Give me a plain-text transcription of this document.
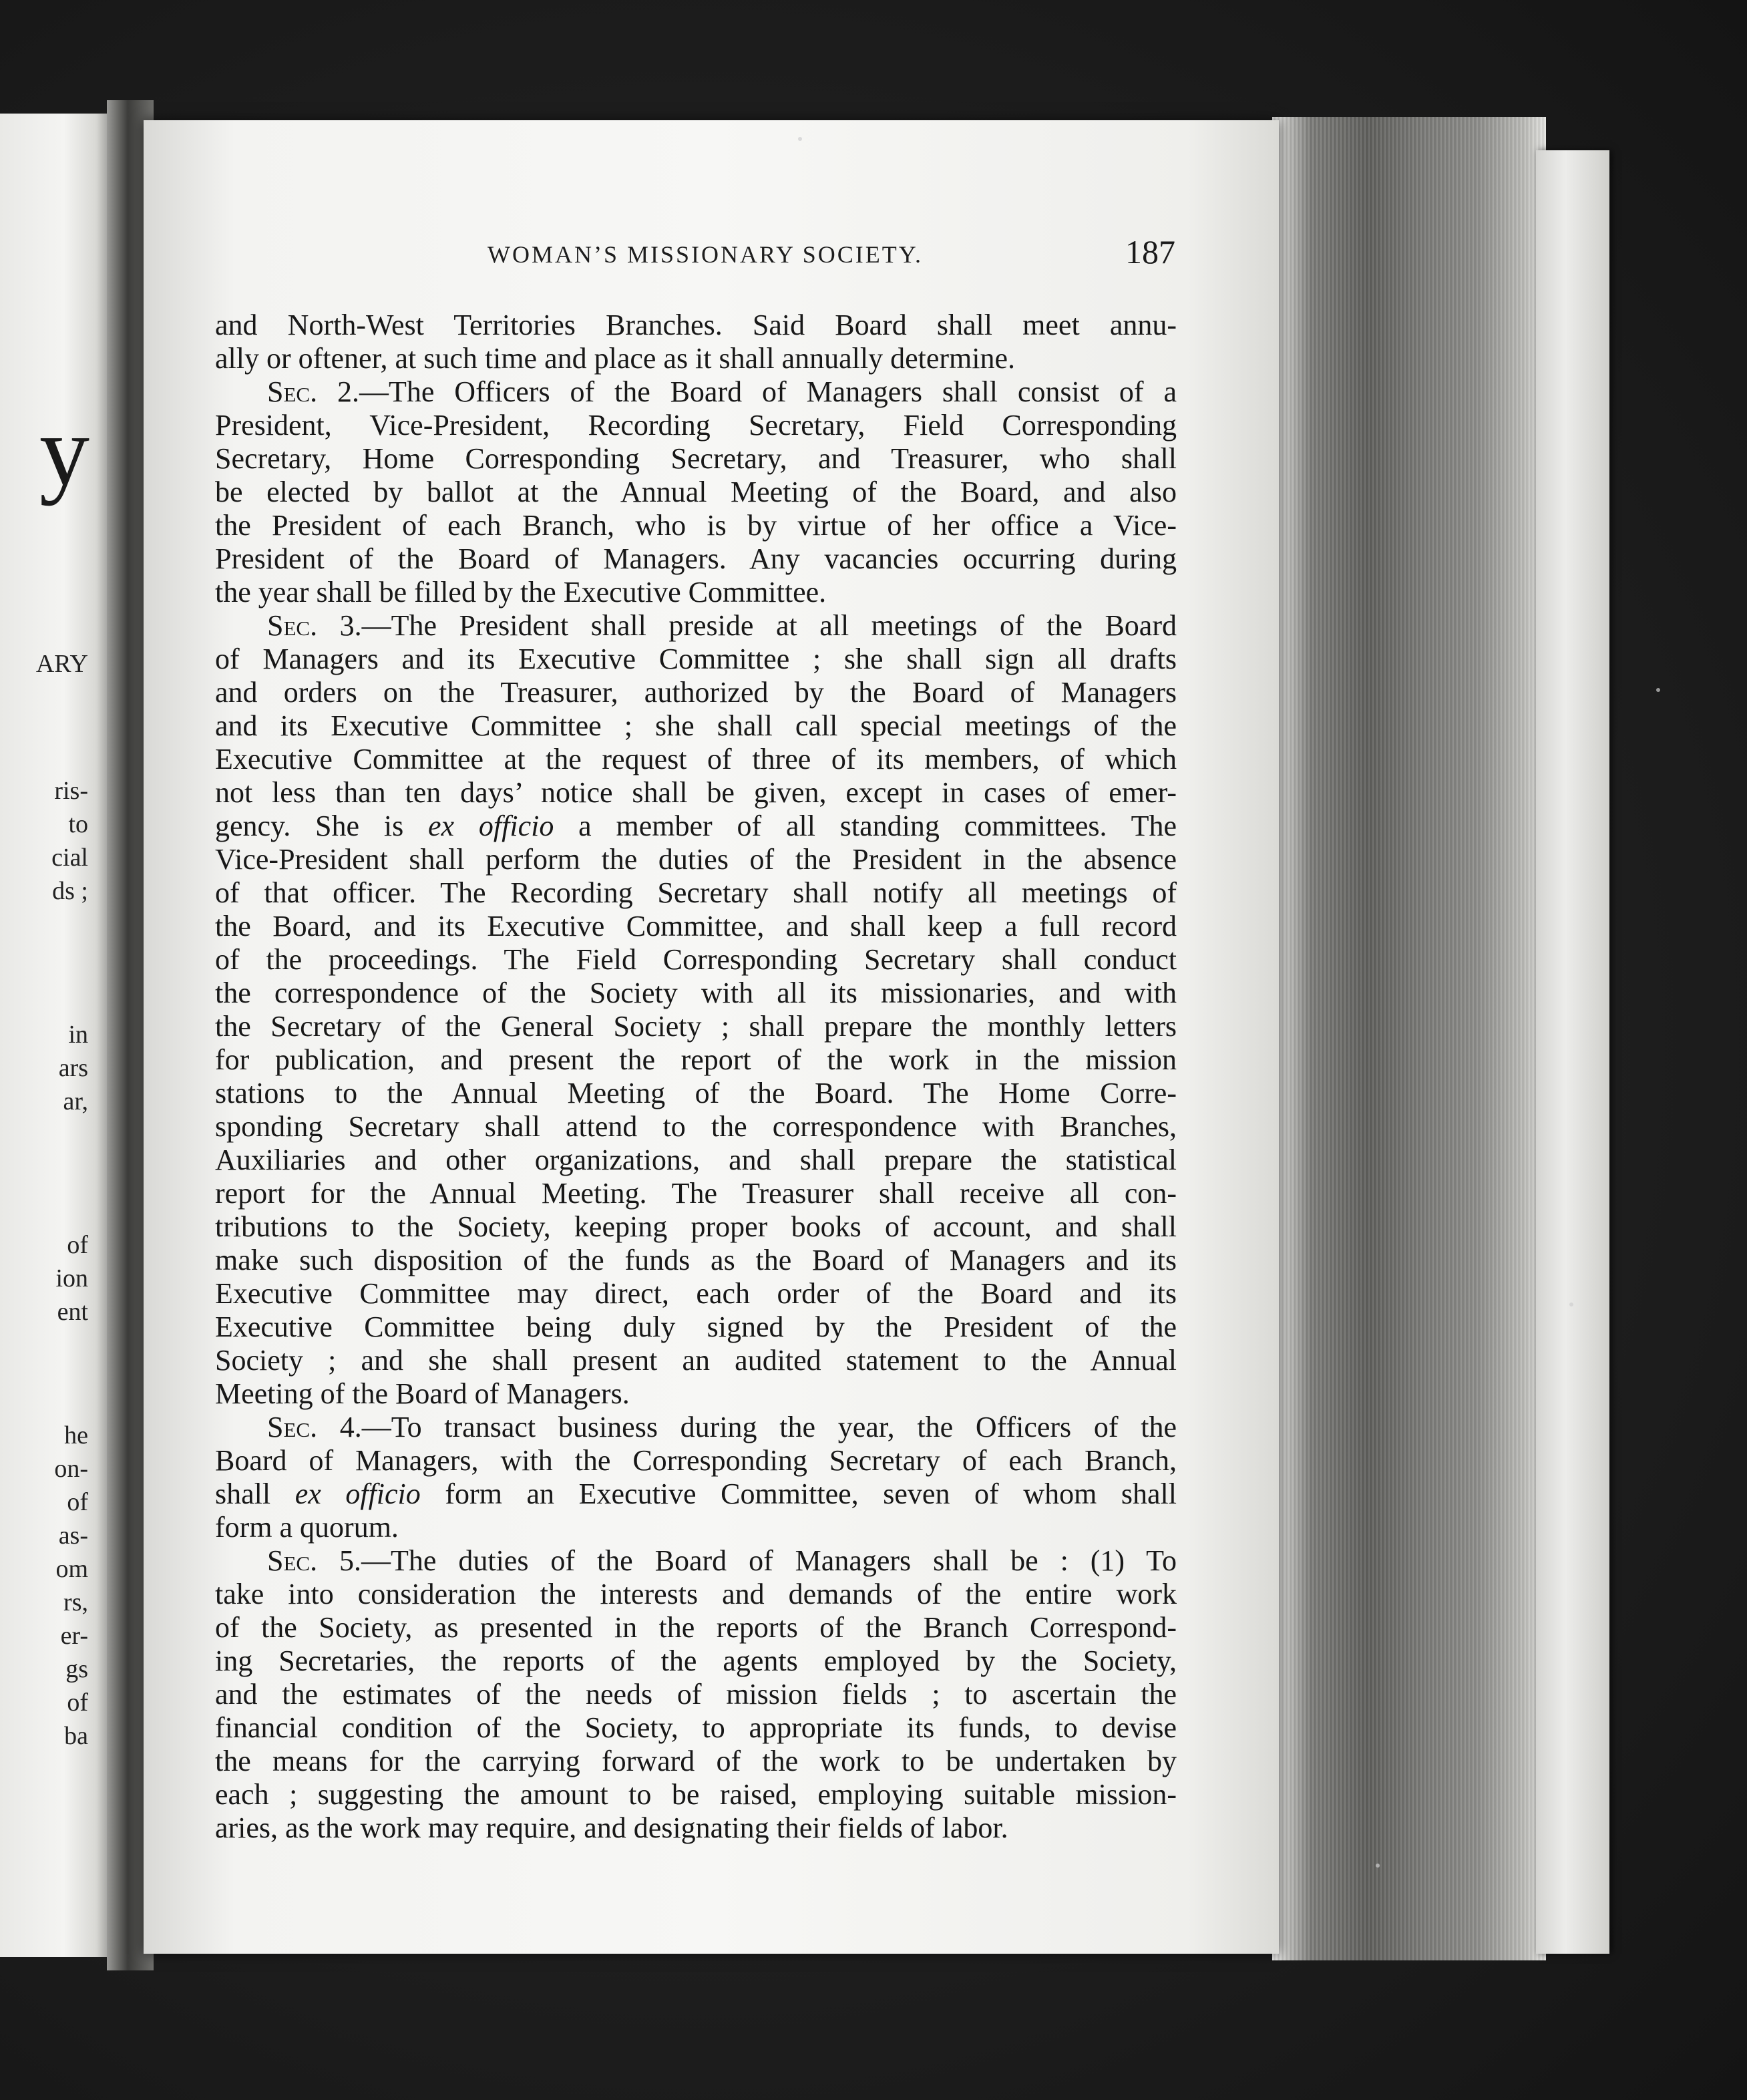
y
ARY
ris-
to
cial
ds ;
in
ars
ar,
of
ion
ent
he
on-
of
as-
om
rs,
er-
gs
of
ba
WOMAN’S MISSIONARY SOCIETY.	187
and North-West Territories Branches. Said Board shall meet annu-
ally or oftener, at such time and place as it shall annually determine.
Sec. 2.—The Officers of the Board of Managers shall consist of a
President, Vice-President, Recording Secretary, Field Corresponding
Secretary, Home Corresponding Secretary, and Treasurer, who shall
be elected by ballot at the Annual Meeting of the Board, and also
the President of each Branch, who is by virtue of her office a Vice-
President of the Board of Managers. Any vacancies occurring during
the year shall be filled by the Executive Committee.
Sec. 3.—The President shall preside at all meetings of the Board
of Managers and its Executive Committee ; she shall sign all drafts
and orders on the Treasurer, authorized by the Board of Managers
and its Executive Committee ; she shall call special meetings of the
Executive Committee at the request of three of its members, of which
not less than ten days’ notice shall be given, except in cases of emer-
gency. She is ex officio a member of all standing committees. The
Vice-President shall perform the duties of the President in the absence
of that officer. The Recording Secretary shall notify all meetings of
the Board, and its Executive Committee, and shall keep a full record
of the proceedings. The Field Corresponding Secretary shall conduct
the correspondence of the Society with all its missionaries, and with
the Secretary of the General Society ; shall prepare the monthly letters
for publication, and present the report of the work in the mission
stations to the Annual Meeting of the Board. The Home Corre-
sponding Secretary shall attend to the correspondence with Branches,
Auxiliaries and other organizations, and shall prepare the statistical
report for the Annual Meeting. The Treasurer shall receive all con-
tributions to the Society, keeping proper books of account, and shall
make such disposition of the funds as the Board of Managers and its
Executive Committee may direct, each order of the Board and its
Executive Committee being duly signed by the President of the
Society ; and she shall present an audited statement to the Annual
Meeting of the Board of Managers.
Sec. 4.—To transact business during the year, the Officers of the
Board of Managers, with the Corresponding Secretary of each Branch,
shall ex officio form an Executive Committee, seven of whom shall
form a quorum.
Sec. 5.—The duties of the Board of Managers shall be : (1) To
take into consideration the interests and demands of the entire work
of the Society, as presented in the reports of the Branch Correspond-
ing Secretaries, the reports of the agents employed by the Society,
and the estimates of the needs of mission fields ; to ascertain the
financial condition of the Society, to appropriate its funds, to devise
the means for the carrying forward of the work to be undertaken by
each ; suggesting the amount to be raised, employing suitable mission-
aries, as the work may require, and designating their fields of labor.
